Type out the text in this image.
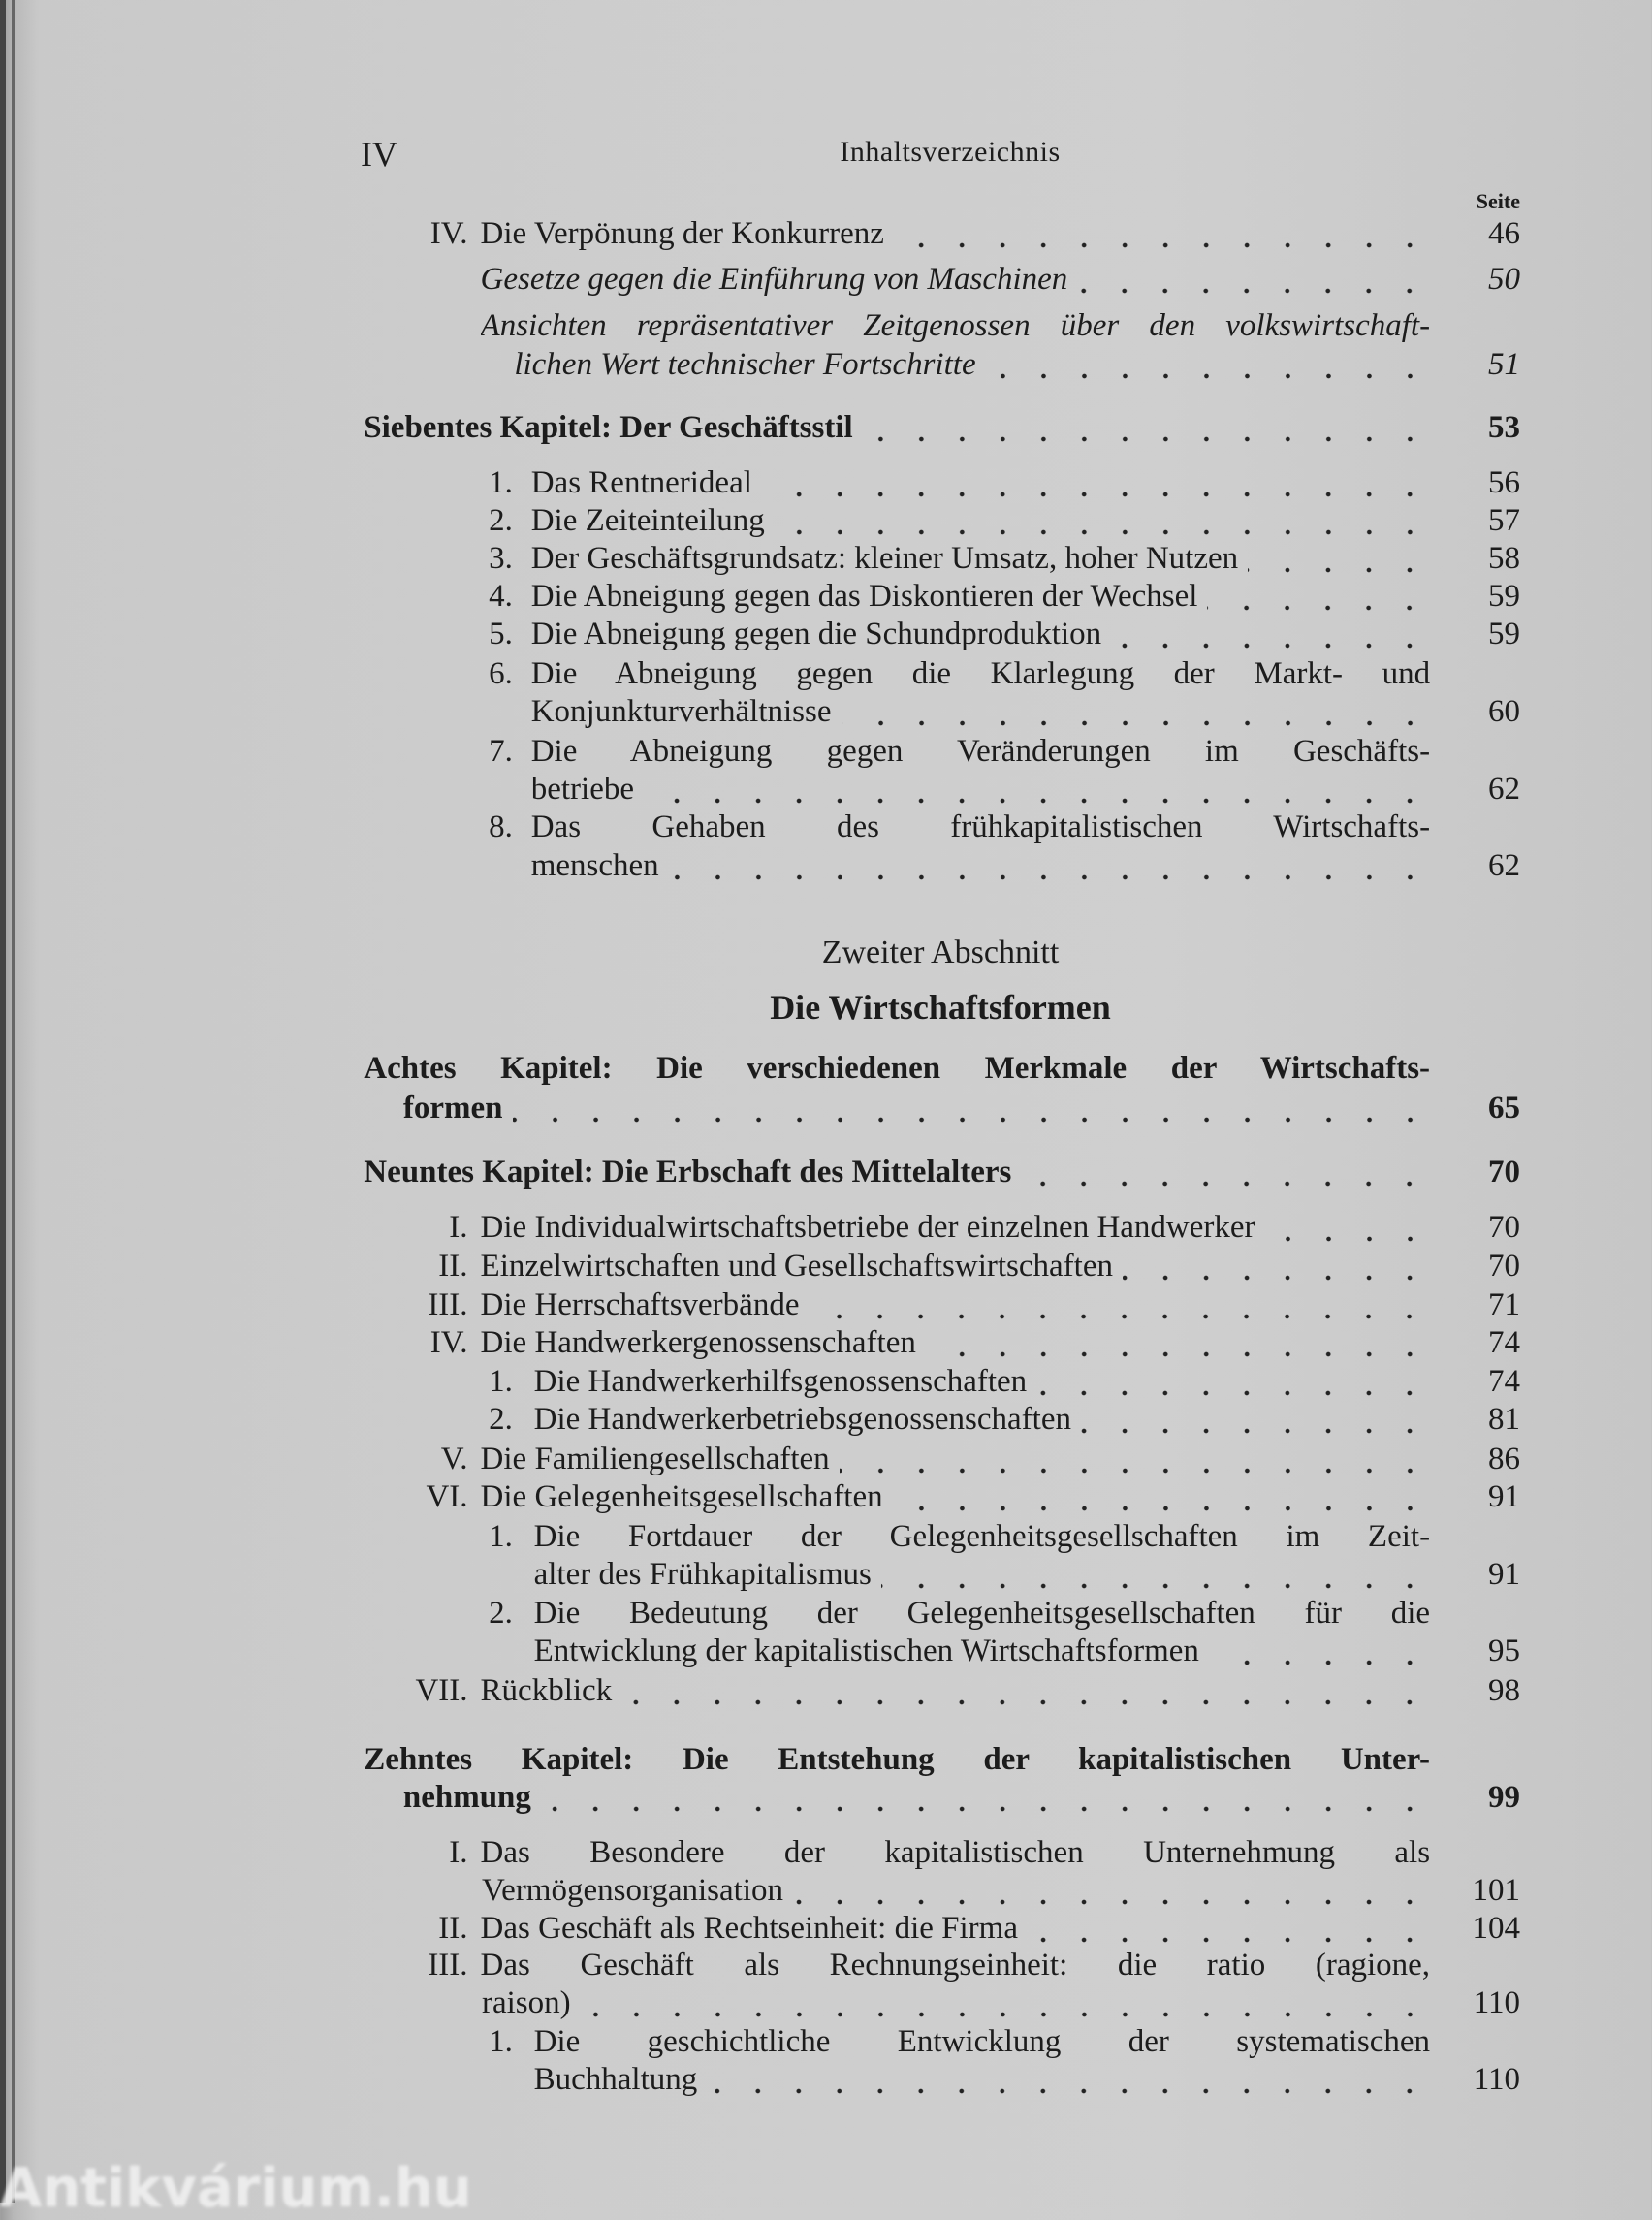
IV	Inhaltsverzeichnis
Seite
Zweiter Abschnitt
Die Wirtschaftsformen
IV. Die Verpönung der Konkurrenz	46
Gesetze gegen die Einführung von Maschinen	50
Ansichten repräsentativer Zeitgenossen über den volkswirtschaft-
lichen Wert technischer Fortschritte	51
Siebentes Kapitel: Der Geschäftsstil	53
1. Das Rentnerideal	56
2. Die Zeiteinteilung	57
3. Der Geschäftsgrundsatz: kleiner Umsatz, hoher Nutzen	58
4. Die Abneigung gegen das Diskontieren der Wechsel	59
5. Die Abneigung gegen die Schundproduktion	59
6. Die Abneigung gegen die Klarlegung der Markt- und
Konjunkturverhältnisse	60
7. Die Abneigung gegen Veränderungen im Geschäfts-
betriebe	62
8. Das Gehaben des frühkapitalistischen Wirtschafts-
menschen	62
Achtes Kapitel: Die verschiedenen Merkmale der Wirtschafts-
formen	65
Neuntes Kapitel: Die Erbschaft des Mittelalters	70
I. Die Individualwirtschaftsbetriebe der einzelnen Handwerker	70
II. Einzelwirtschaften und Gesellschaftswirtschaften	70
III. Die Herrschaftsverbände	71
IV. Die Handwerkergenossenschaften	74
1. Die Handwerkerhilfsgenossenschaften	74
2. Die Handwerkerbetriebsgenossenschaften	81
V. Die Familiengesellschaften	86
VI. Die Gelegenheitsgesellschaften	91
1. Die Fortdauer der Gelegenheitsgesellschaften im Zeit-
alter des Frühkapitalismus	91
2. Die Bedeutung der Gelegenheitsgesellschaften für die
Entwicklung der kapitalistischen Wirtschaftsformen	95
VII. Rückblick	98
Zehntes Kapitel: Die Entstehung der kapitalistischen Unter-
nehmung	99
I. Das Besondere der kapitalistischen Unternehmung als
Vermögensorganisation	101
II. Das Geschäft als Rechtseinheit: die Firma	104
III. Das Geschäft als Rechnungseinheit: die ratio (ragione,
raison)	110
1. Die geschichtliche Entwicklung der systematischen
Buchhaltung	110
Antikvárium.hu
